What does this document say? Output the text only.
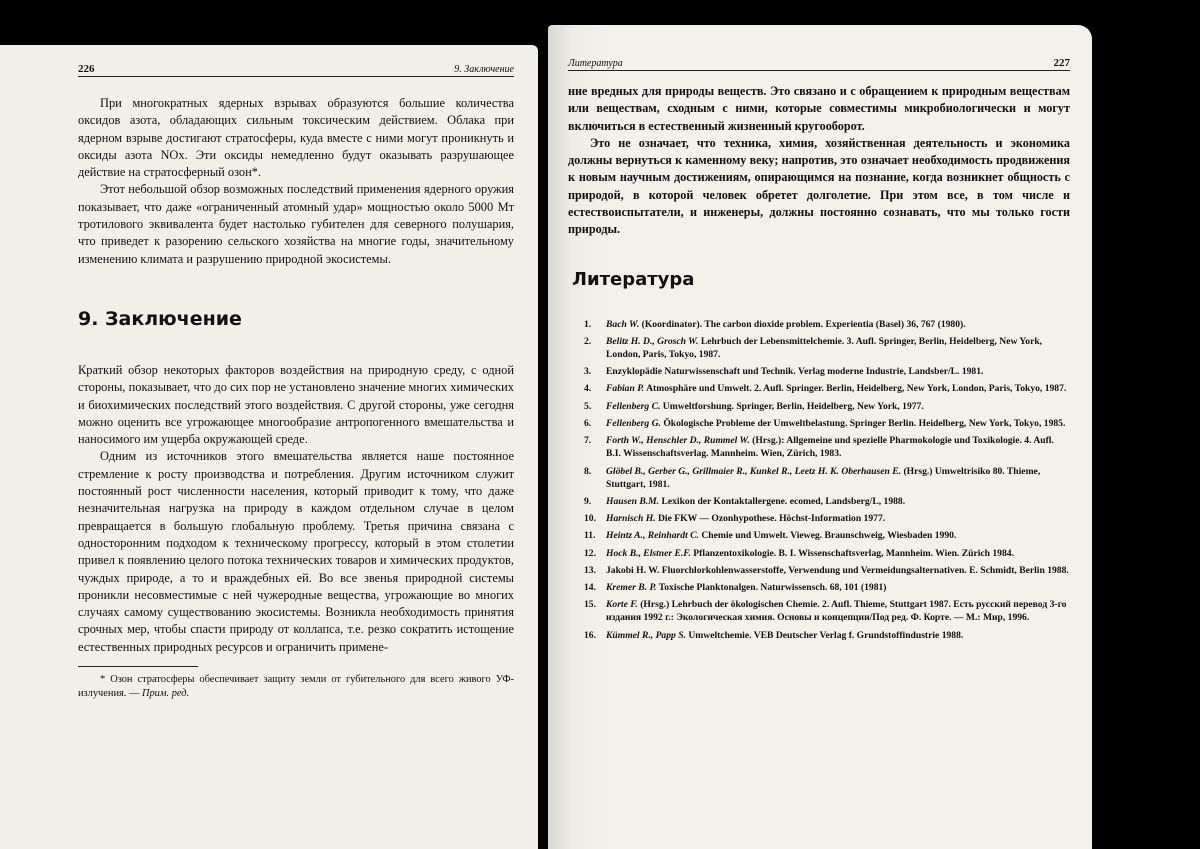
226	9. Заключение

При многократных ядерных взрывах образуются большие количества оксидов азота, обладающих сильным токсическим действием. Облака при ядерном взрыве достигают стратосферы, куда вместе с ними могут проникнуть и оксиды азота NOx. Эти оксиды немедленно будут оказывать разрушающее действие на стратосферный озон*.

Этот небольшой обзор возможных последствий применения ядерного оружия показывает, что даже «ограниченный атомный удар» мощностью около 5000 Мт тротилового эквивалента будет настолько губителен для северного полушария, что приведет к разорению сельского хозяйства на многие годы, значительному изменению климата и разрушению природной экосистемы.

9. Заключение

Краткий обзор некоторых факторов воздействия на природную среду, с одной стороны, показывает, что до сих пор не установлено значение многих химических и биохимических последствий этого воздействия. С другой стороны, уже сегодня можно оценить все угрожающее многообразие антропогенного вмешательства и наносимого им ущерба окружающей среде.

Одним из источников этого вмешательства является наше постоянное стремление к росту производства и потребления. Другим источником служит постоянный рост численности населения, который приводит к тому, что даже незначительная нагрузка на природу в каждом отдельном случае в целом превращается в большую глобальную проблему. Третья причина связана с односторонним подходом к техническому прогрессу, который в этом столетии привел к появлению целого потока технических товаров и химических продуктов, чуждых природе, а то и враждебных ей. Во все звенья природной системы проникли несовместимые с ней чужеродные вещества, угрожающие во многих случаях самому существованию экосистемы. Возникла необходимость принятия срочных мер, чтобы спасти природу от коллапса, т.е. резко сократить истощение естественных природных ресурсов и ограничить примене-

* Озон стратосферы обеспечивает защиту земли от губительного для всего живого УФ-излучения. — Прим. ред.

Литература	227

ние вредных для природы веществ. Это связано и с обращением к природным веществам или веществам, сходным с ними, которые совместимы микробиологически и могут включиться в естественный жизненный кругооборот.

Это не означает, что техника, химия, хозяйственная деятельность и экономика должны вернуться к каменному веку; напротив, это означает необходимость продвижения к новым научным достижениям, опирающимся на познание, когда возникнет общность с природой, в которой человек обретет долголетие. При этом все, в том числе и естествоиспытатели, и инженеры, должны постоянно сознавать, что мы только гости природы.

Литература
1.	Bach W. (Koordinator). The carbon dioxide problem. Experientia (Basel) 36, 767 (1980).
2.	Belitz H. D., Grosch W. Lehrbuch der Lebensmittelchemie. 3. Aufl. Springer, Berlin, Heidelberg, New York, London, Paris, Tokyo, 1987.
3.	Enzyklopädie Naturwissenschaft und Technik. Verlag moderne Industrie, Landsber/L. 1981.
4.	Fabian P. Atmosphäre und Umwelt. 2. Aufl. Springer. Berlin, Heidelberg, New York, London, Paris, Tokyo, 1987.
5.	Fellenberg C. Umweltforshung. Springer, Berlin, Heidelberg, New York, 1977.
6.	Fellenberg G. Ökologische Probleme der Umweltbelastung. Springer Berlin. Heidelberg, New York, Tokyo, 1985.
7.	Forth W., Henschler D., Rummel W. (Hrsg.): Allgemeine und spezielle Pharmokologie und Toxikologie. 4. Aufl. B.I. Wissenschaftsverlag. Mannheim. Wien, Zürich, 1983.
8.	Glöbel B., Gerber G., Grillmaier R., Kunkel R., Leetz H. K. Oberhausen E. (Hrsg.) Umweltrisiko 80. Thieme, Stuttgart, 1981.
9.	Hausen B.M. Lexikon der Kontaktallergene. ecomed, Landsberg/L, 1988.
10.	Harnisch H. Die FKW — Ozonhypothese. Höchst-Information 1977.
11.	Heintz A., Reinhardt C. Chemie und Umwelt. Vieweg. Braunschweig, Wiesbaden 1990.
12.	Hock B., Elstner E.F. Pflanzentoxikologie. B. I. Wissenschaftsverlag, Mannheim. Wien. Zürich 1984.
13.	Jakobi H. W. Fluorchlorkohlenwasserstoffe, Verwendung und Vermeidungsalternativen. E. Schmidt, Berlin 1988.
14.	Kremer B. P. Toxische Planktonalgen. Naturwissensch. 68, 101 (1981)
15.	Korte F. (Hrsg.) Lehrbuch der ökologischen Chemie. 2. Aufl. Thieme, Stuttgart 1987. Есть русский перевод 3-го издания 1992 г.: Экологическая химия. Основы и концепции/Под ред. Ф. Корте. — М.: Мир, 1996.
16.	Kümmel R., Papp S. Umweltchemie. VEB Deutscher Verlag f. Grundstoffindustrie 1988.
